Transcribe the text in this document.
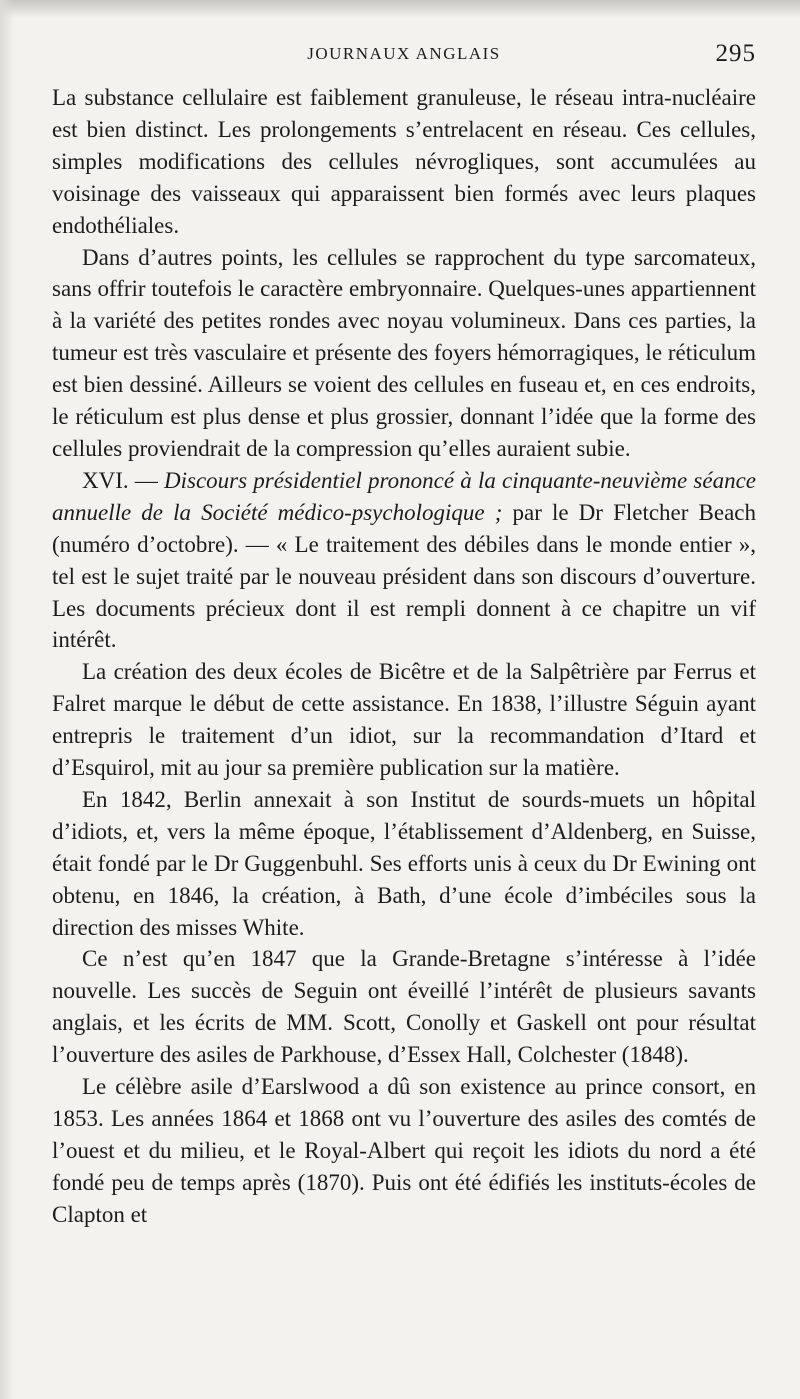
JOURNAUX ANGLAIS	295

La substance cellulaire est faiblement granuleuse, le réseau intra-nucléaire est bien distinct. Les prolongements s’entrelacent en réseau. Ces cellules, simples modifications des cellules névrogliques, sont accumulées au voisinage des vaisseaux qui apparaissent bien formés avec leurs plaques endothéliales.

Dans d’autres points, les cellules se rapprochent du type sarcomateux, sans offrir toutefois le caractère embryonnaire. Quelques-unes appartiennent à la variété des petites rondes avec noyau volumineux. Dans ces parties, la tumeur est très vasculaire et présente des foyers hémorragiques, le réticulum est bien dessiné. Ailleurs se voient des cellules en fuseau et, en ces endroits, le réticulum est plus dense et plus grossier, donnant l’idée que la forme des cellules proviendrait de la compression qu’elles auraient subie.

XVI. — Discours présidentiel prononcé à la cinquante-neuvième séance annuelle de la Société médico-psychologique ; par le Dr Fletcher Beach (numéro d’octobre). — « Le traitement des débiles dans le monde entier », tel est le sujet traité par le nouveau président dans son discours d’ouverture. Les documents précieux dont il est rempli donnent à ce chapitre un vif intérêt.

La création des deux écoles de Bicêtre et de la Salpêtrière par Ferrus et Falret marque le début de cette assistance. En 1838, l’illustre Séguin ayant entrepris le traitement d’un idiot, sur la recommandation d’Itard et d’Esquirol, mit au jour sa première publication sur la matière.

En 1842, Berlin annexait à son Institut de sourds-muets un hôpital d’idiots, et, vers la même époque, l’établissement d’Aldenberg, en Suisse, était fondé par le Dr Guggenbuhl. Ses efforts unis à ceux du Dr Ewining ont obtenu, en 1846, la création, à Bath, d’une école d’imbéciles sous la direction des misses White.

Ce n’est qu’en 1847 que la Grande-Bretagne s’intéresse à l’idée nouvelle. Les succès de Seguin ont éveillé l’intérêt de plusieurs savants anglais, et les écrits de MM. Scott, Conolly et Gaskell ont pour résultat l’ouverture des asiles de Parkhouse, d’Essex Hall, Colchester (1848).

Le célèbre asile d’Earslwood a dû son existence au prince consort, en 1853. Les années 1864 et 1868 ont vu l’ouverture des asiles des comtés de l’ouest et du milieu, et le Royal-Albert qui reçoit les idiots du nord a été fondé peu de temps après (1870). Puis ont été édifiés les instituts-écoles de Clapton et
